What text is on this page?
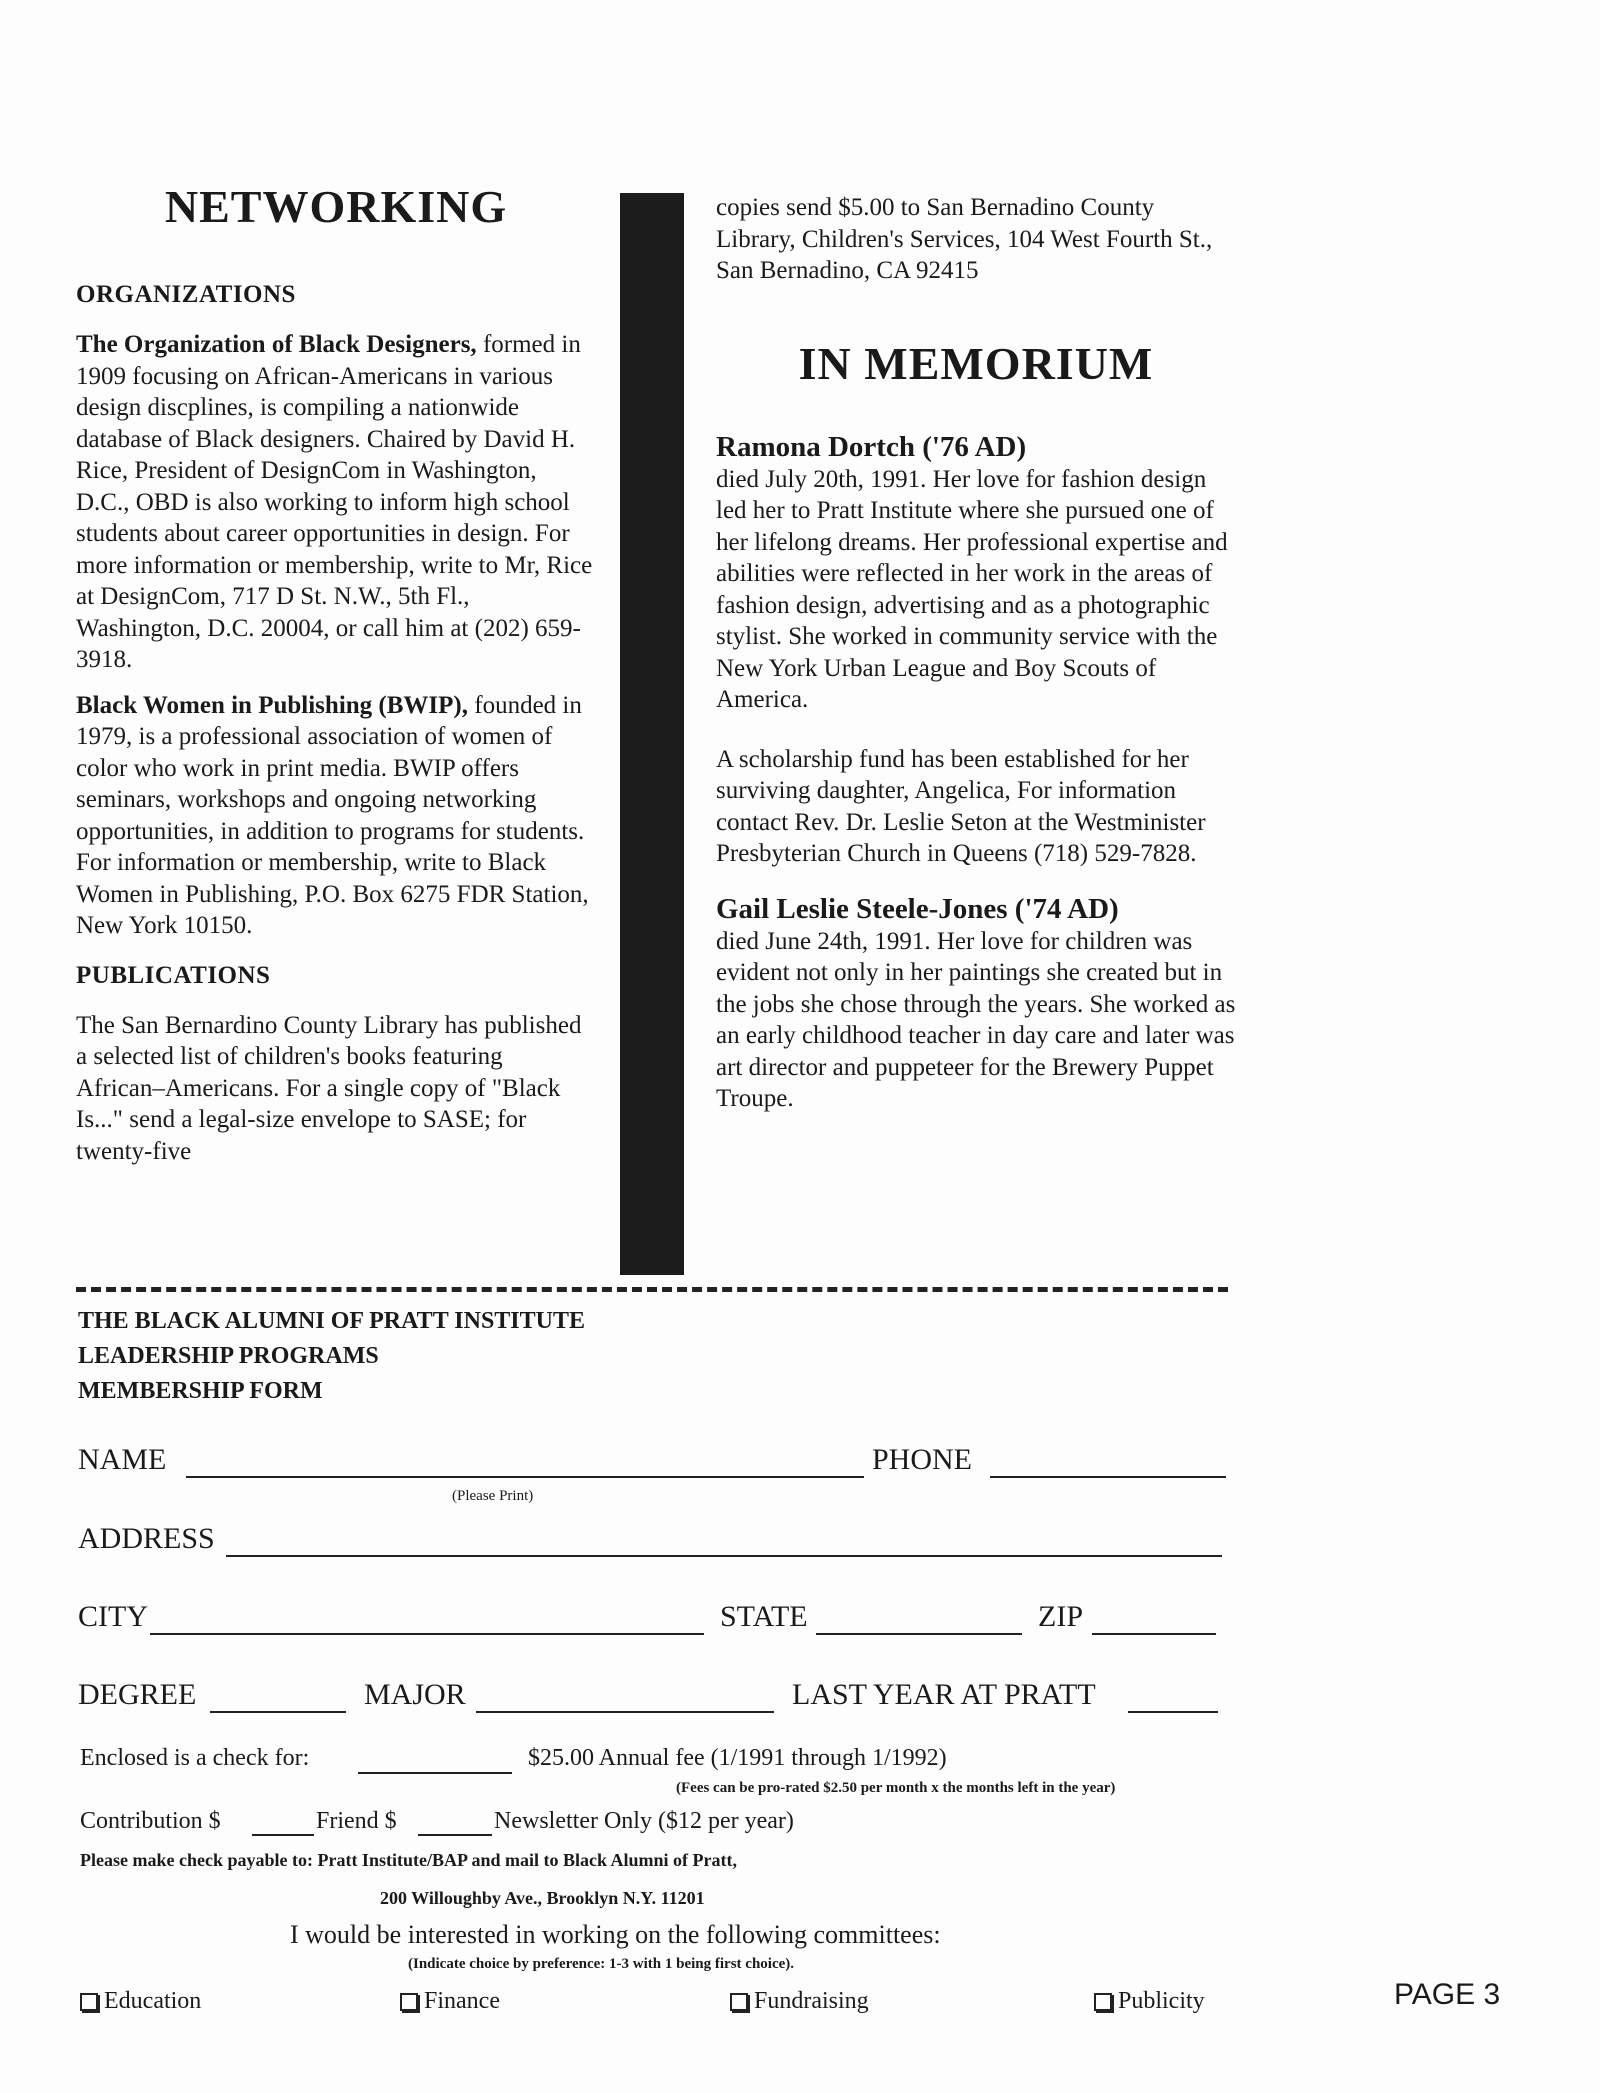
NETWORKING

ORGANIZATIONS

The Organization of Black Designers, formed in 1909 focusing on African-Americans in various design discplines, is compiling a nationwide database of Black designers. Chaired by David H. Rice, President of DesignCom in Washington, D.C., OBD is also working to inform high school students about career opportunities in design. For more information or membership, write to Mr, Rice at DesignCom, 717 D St. N.W., 5th Fl., Washington, D.C. 20004, or call him at (202) 659-3918.

Black Women in Publishing (BWIP), founded in 1979, is a professional association of women of color who work in print media. BWIP offers seminars, workshops and ongoing networking opportunities, in addition to programs for students. For information or membership, write to Black Women in Publishing, P.O. Box 6275 FDR Station, New York 10150.

PUBLICATIONS

The San Bernardino County Library has published a selected list of children's books featuring African–Americans. For a single copy of "Black Is..." send a legal-size envelope to SASE; for twenty-five

copies send $5.00 to San Bernadino County Library, Children's Services, 104 West Fourth St., San Bernadino, CA 92415

IN MEMORIUM

Ramona Dortch ('76 AD)

died July 20th, 1991. Her love for fashion design led her to Pratt Institute where she pursued one of her lifelong dreams. Her professional expertise and abilities were reflected in her work in the areas of fashion design, advertising and as a photographic stylist. She worked in community service with the New York Urban League and Boy Scouts of America.

A scholarship fund has been established for her surviving daughter, Angelica, For information contact Rev. Dr. Leslie Seton at the Westminister Presbyterian Church in Queens (718) 529-7828.

Gail Leslie Steele-Jones ('74 AD)

died June 24th, 1991. Her love for children was evident not only in her paintings she created but in the jobs she chose through the years. She worked as an early childhood teacher in day care and later was art director and puppeteer for the Brewery Puppet Troupe.

THE BLACK ALUMNI OF PRATT INSTITUTE
LEADERSHIP PROGRAMS
MEMBERSHIP FORM
NAME
(Please Print)
PHONE
ADDRESS
CITY	STATE	ZIP
DEGREE	MAJOR	LAST YEAR AT PRATT
Enclosed is a check for:	$25.00 Annual fee (1/1991 through 1/1992)
(Fees can be pro-rated $2.50 per month x the months left in the year)
Contribution $	Friend $	Newsletter Only ($12 per year)
Please make check payable to: Pratt Institute/BAP and mail to Black Alumni of Pratt,
200 Willoughby Ave., Brooklyn N.Y. 11201
I would be interested in working on the following committees:
(Indicate choice by preference: 1-3 with 1 being first choice).
Education	Finance	Fundraising	Publicity	PAGE 3
